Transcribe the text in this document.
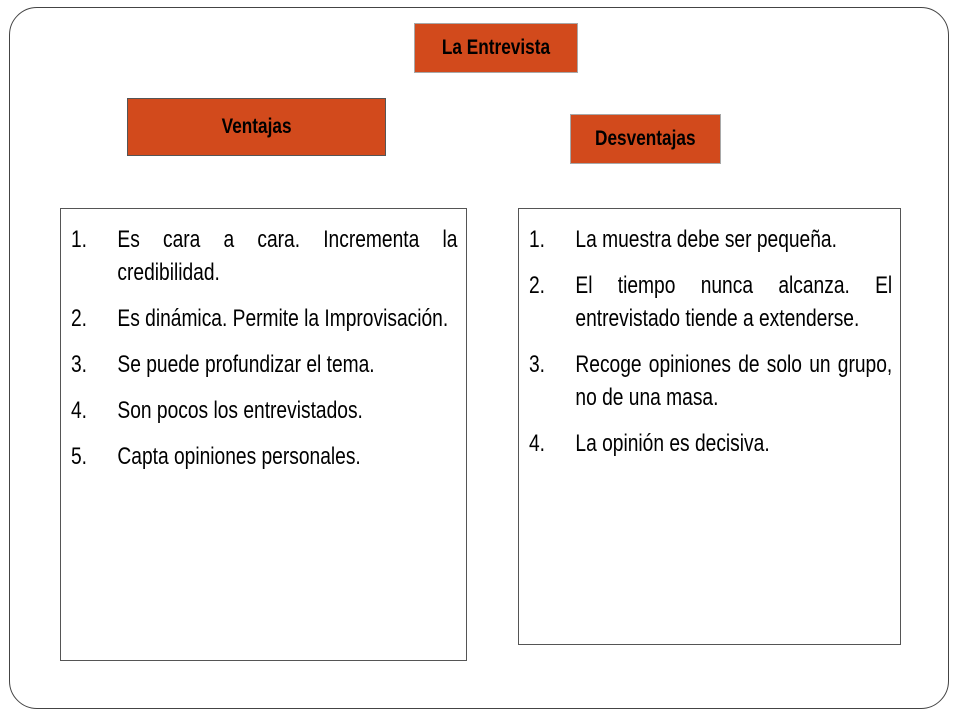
La Entrevista
Ventajas
Desventajas
1.	Es cara a cara. Incrementa la credibilidad.
2.	Es dinámica. Permite la Improvisación.
3.	Se puede profundizar el tema.
4.	Son pocos los entrevistados.
5.	Capta opiniones personales.
1.	La muestra debe ser pequeña.
2.	El tiempo nunca alcanza. El entrevistado tiende a extenderse.
3.	Recoge opiniones de solo un grupo, no de una masa.
4.	La opinión es decisiva.
